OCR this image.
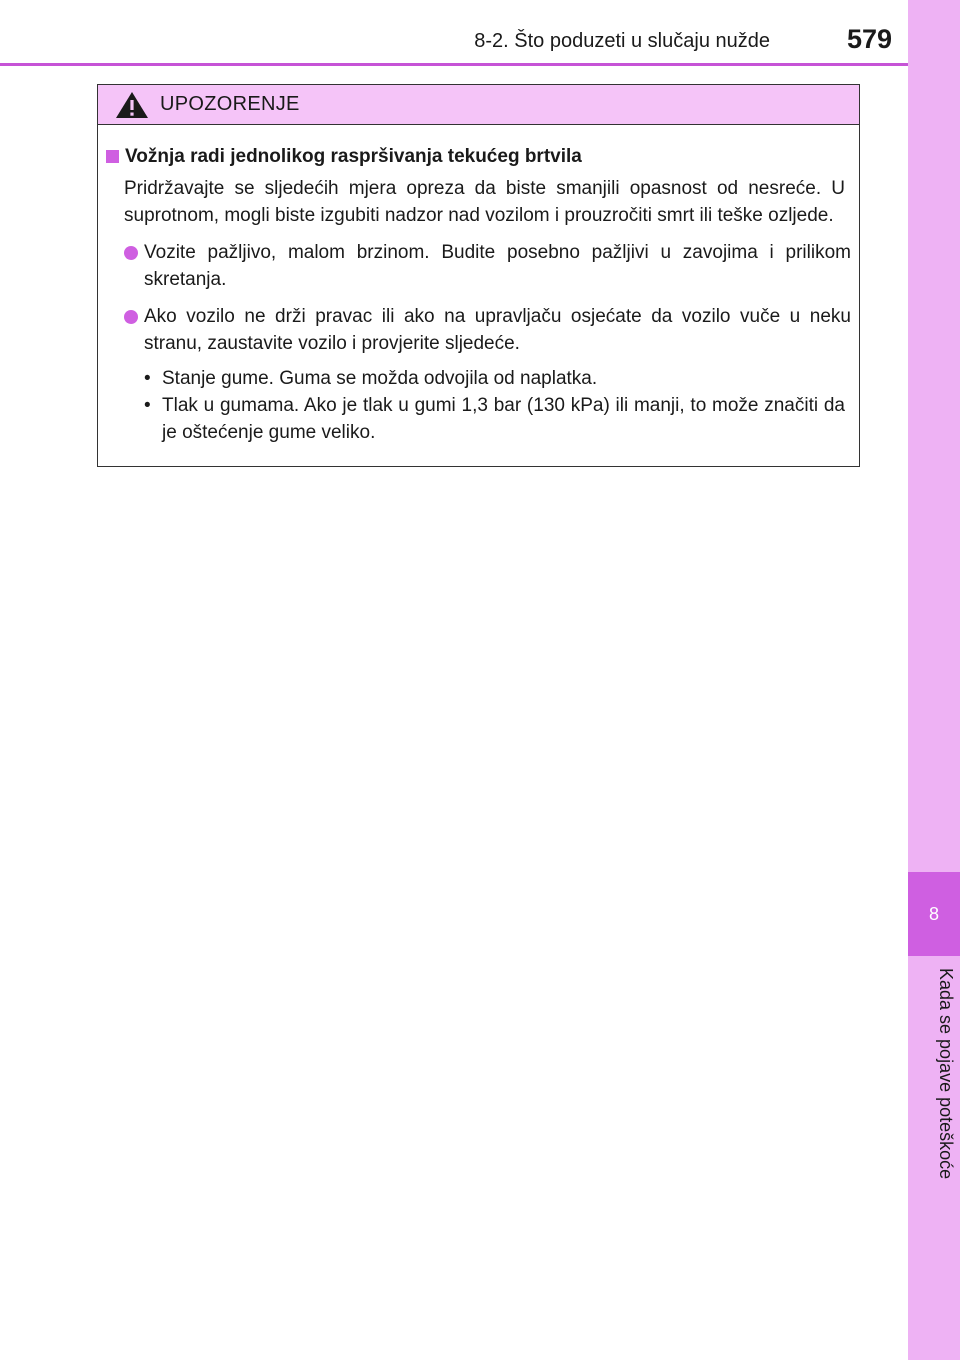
8-2. Što poduzeti u slučaju nužde	579
8
Kada se pojave poteškoće
UPOZORENJE
Vožnja radi jednolikog raspršivanja tekućeg brtvila
Pridržavajte se sljedećih mjera opreza da biste smanjili opasnost od nesreće. U suprotnom, mogli biste izgubiti nadzor nad vozilom i prouzročiti smrt ili teške ozljede.
Vozite pažljivo, malom brzinom. Budite posebno pažljivi u zavojima i prilikom skretanja.
Ako vozilo ne drži pravac ili ako na upravljaču osjećate da vozilo vuče u neku stranu, zaustavite vozilo i provjerite sljedeće.
• Stanje gume. Guma se možda odvojila od naplatka.
• Tlak u gumama. Ako je tlak u gumi 1,3 bar (130 kPa) ili manji, to može značiti da je oštećenje gume veliko.
